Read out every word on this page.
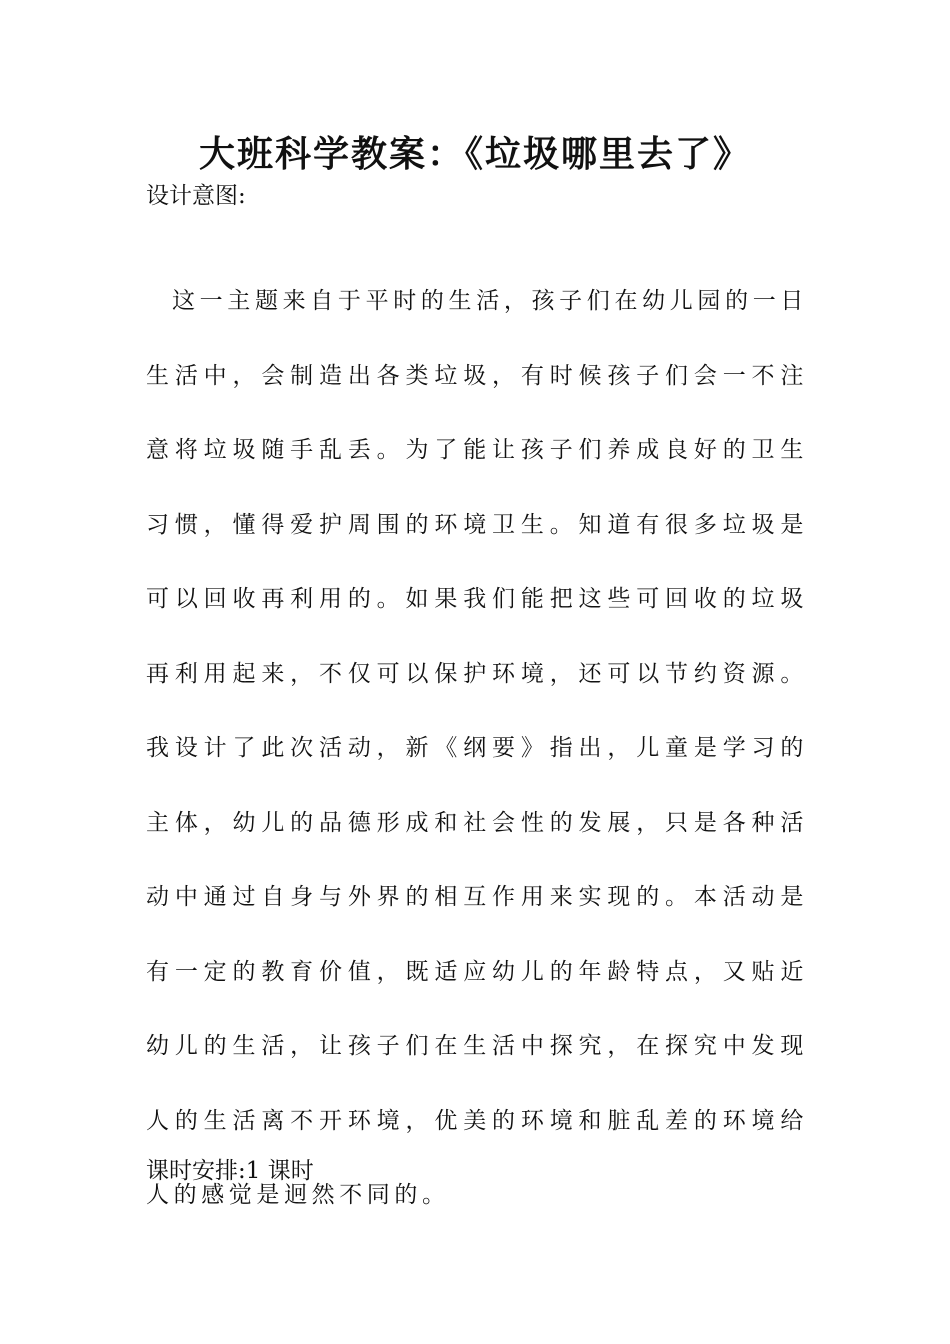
大班科学教案：《垃圾哪里去了》

设计意图:

这一主题来自于平时的生活，孩子们在幼儿园的一日生活中，会制造出各类垃圾，有时候孩子们会一不注意将垃圾随手乱丢。为了能让孩子们养成良好的卫生习惯，懂得爱护周围的环境卫生。知道有很多垃圾是可以回收再利用的。如果我们能把这些可回收的垃圾再利用起来，不仅可以保护环境，还可以节约资源。我设计了此次活动，新《纲要》指出，儿童是学习的主体，幼儿的品德形成和社会性的发展，只是各种活动中通过自身与外界的相互作用来实现的。本活动是有一定的教育价值，既适应幼儿的年龄特点，又贴近幼儿的生活，让孩子们在生活中探究，在探究中发现人的生活离不开环境，优美的环境和脏乱差的环境给人的感觉是迥然不同的。

课时安排:1 课时
